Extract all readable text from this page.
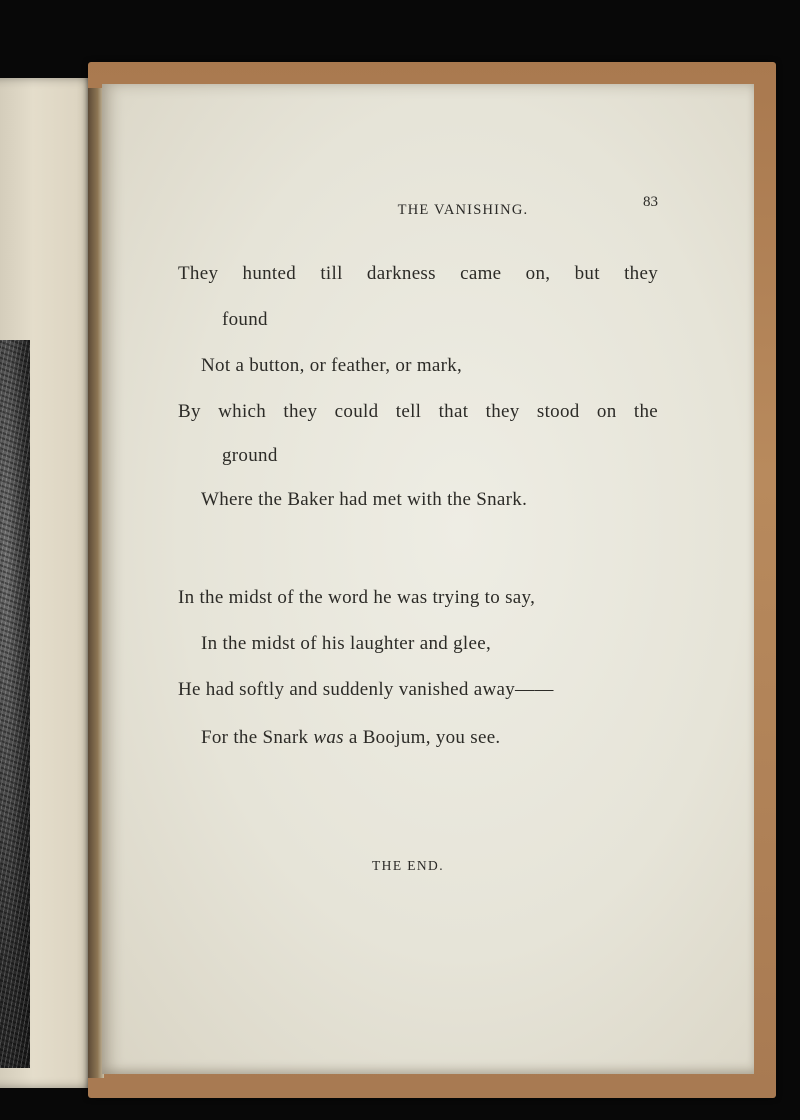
THE VANISHING.	83
They hunted till darkness came on, but they
found
Not a button, or feather, or mark,
By which they could tell that they stood on the
ground
Where the Baker had met with the Snark.
In the midst of the word he was trying to say,
In the midst of his laughter and glee,
He had softly and suddenly vanished away——
For the Snark was a Boojum, you see.
THE END.
